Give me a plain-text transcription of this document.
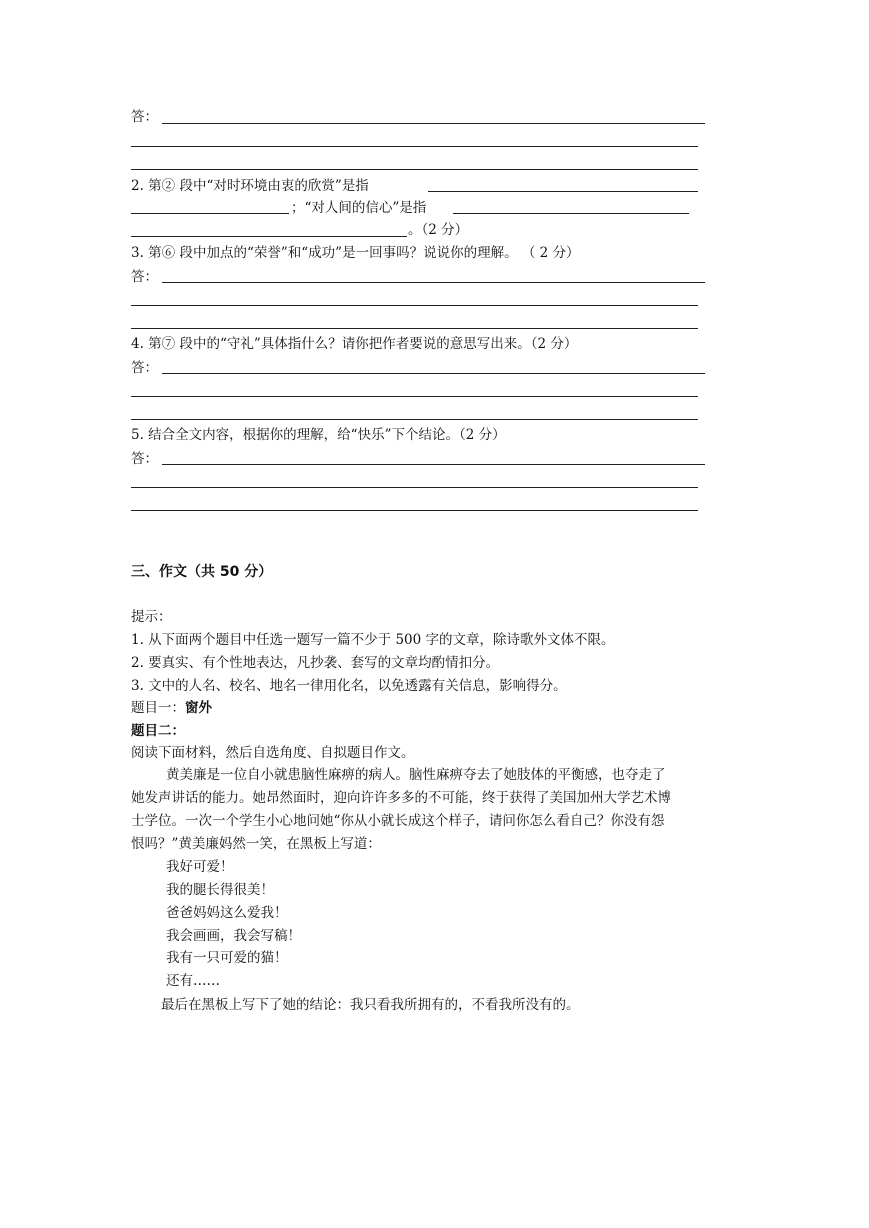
答：
2. 第② 段中“对时环境由衷的欣赏”是指
；“对人间的信心”是指
。（2 分）
3. 第⑥ 段中加点的“荣誉”和“成功”是一回事吗？说说你的理解。 （ 2 分）
答：
4. 第⑦ 段中的“守礼”具体指什么？请你把作者要说的意思写出来。（2 分）
答：
5. 结合全文内容，根据你的理解，给“快乐”下个结论。（2 分）
答：
三、作文（共 50 分）
提示：
1. 从下面两个题目中任选一题写一篇不少于 500 字的文章，除诗歌外文体不限。
2. 要真实、有个性地表达，凡抄袭、套写的文章均酌情扣分。
3. 文中的人名、校名、地名一律用化名，以免透露有关信息，影响得分。
题目一：窗外
题目二：
阅读下面材料，然后自选角度、自拟题目作文。
黄美廉是一位自小就患脑性麻痹的病人。脑性麻痹夺去了她肢体的平衡感，也夺走了
她发声讲话的能力。她昂然面时，迎向许许多多的不可能，终于获得了美国加州大学艺术博
士学位。一次一个学生小心地问她“你从小就长成这个样子，请问你怎么看自己？你没有怨
恨吗？”黄美廉妈然一笑，在黑板上写道：
我好可爱！
我的腿长得很美！
爸爸妈妈这么爱我！
我会画画，我会写稿！
我有一只可爱的猫！
还有……
最后在黑板上写下了她的结论：我只看我所拥有的，不看我所没有的。
